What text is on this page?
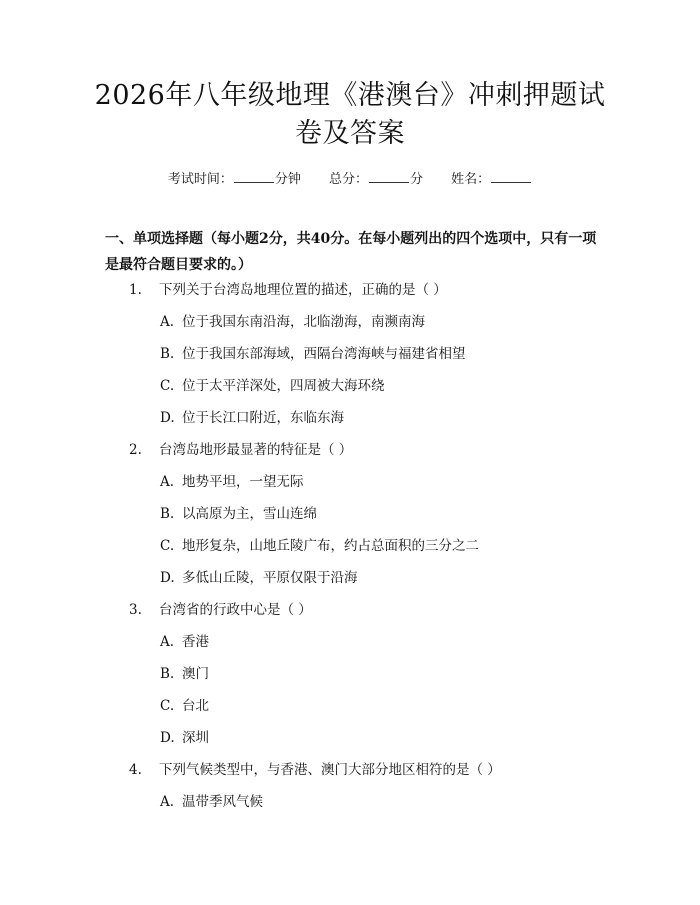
2026年八年级地理《港澳台》冲刺押题试卷及答案
考试时间：	分钟 总分：	分 姓名：

一、单项选择题（每小题2分，共40分。在每小题列出的四个选项中，只有一项是最符合题目要求的。）

1. 下列关于台湾岛地理位置的描述，正确的是（ ）
A. 位于我国东南沿海，北临渤海，南濒南海
B. 位于我国东部海域，西隔台湾海峡与福建省相望
C. 位于太平洋深处，四周被大海环绕
D. 位于长江口附近，东临东海
2. 台湾岛地形最显著的特征是（ ）
A. 地势平坦，一望无际
B. 以高原为主，雪山连绵
C. 地形复杂，山地丘陵广布，约占总面积的三分之二
D. 多低山丘陵，平原仅限于沿海
3. 台湾省的行政中心是（ ）
A. 香港
B. 澳门
C. 台北
D. 深圳
4. 下列气候类型中，与香港、澳门大部分地区相符的是（ ）
A. 温带季风气候
